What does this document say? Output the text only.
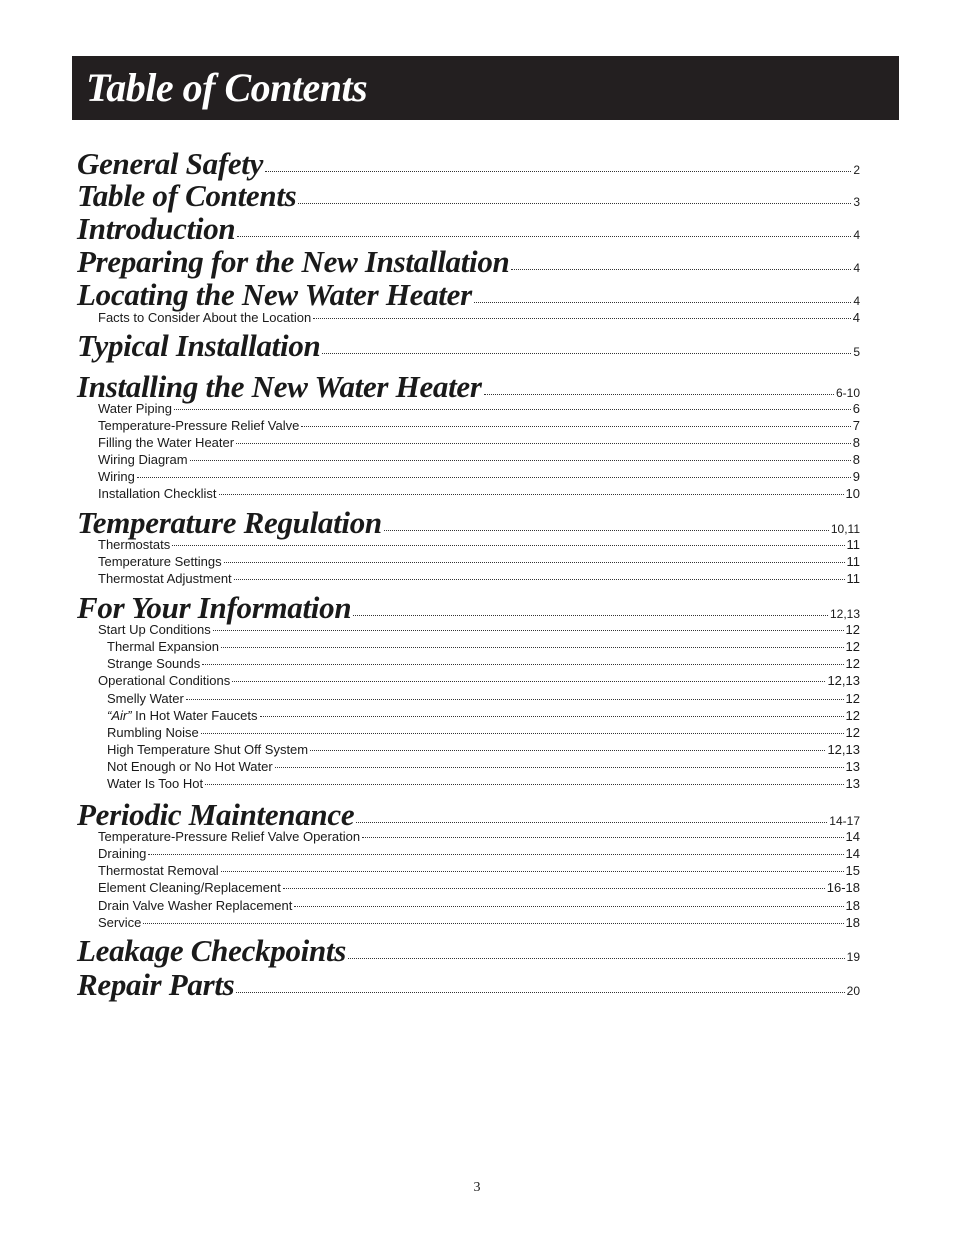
Table of Contents
General Safety	2
Table of Contents	3
Introduction	4
Preparing for the New Installation	4
Locating the New Water Heater	4
Facts to Consider About the Location	4
Typical Installation	5
Installing the New Water Heater	6-10
Water Piping	6
Temperature-Pressure Relief Valve	7
Filling the Water Heater	8
Wiring Diagram	8
Wiring	9
Installation Checklist	10
Temperature Regulation	10,11
Thermostats	11
Temperature Settings	11
Thermostat Adjustment	11
For Your Information	12,13
Start Up Conditions	12
Thermal Expansion	12
Strange Sounds	12
Operational Conditions	12,13
Smelly Water	12
“Air” In Hot Water Faucets	12
Rumbling Noise	12
High Temperature Shut Off System	12,13
Not Enough or No Hot Water	13
Water Is Too Hot	13
Periodic Maintenance	14-17
Temperature-Pressure Relief Valve Operation	14
Draining	14
Thermostat Removal	15
Element Cleaning/Replacement	16-18
Drain Valve Washer Replacement	18
Service	18
Leakage Checkpoints	19
Repair Parts	20
3
